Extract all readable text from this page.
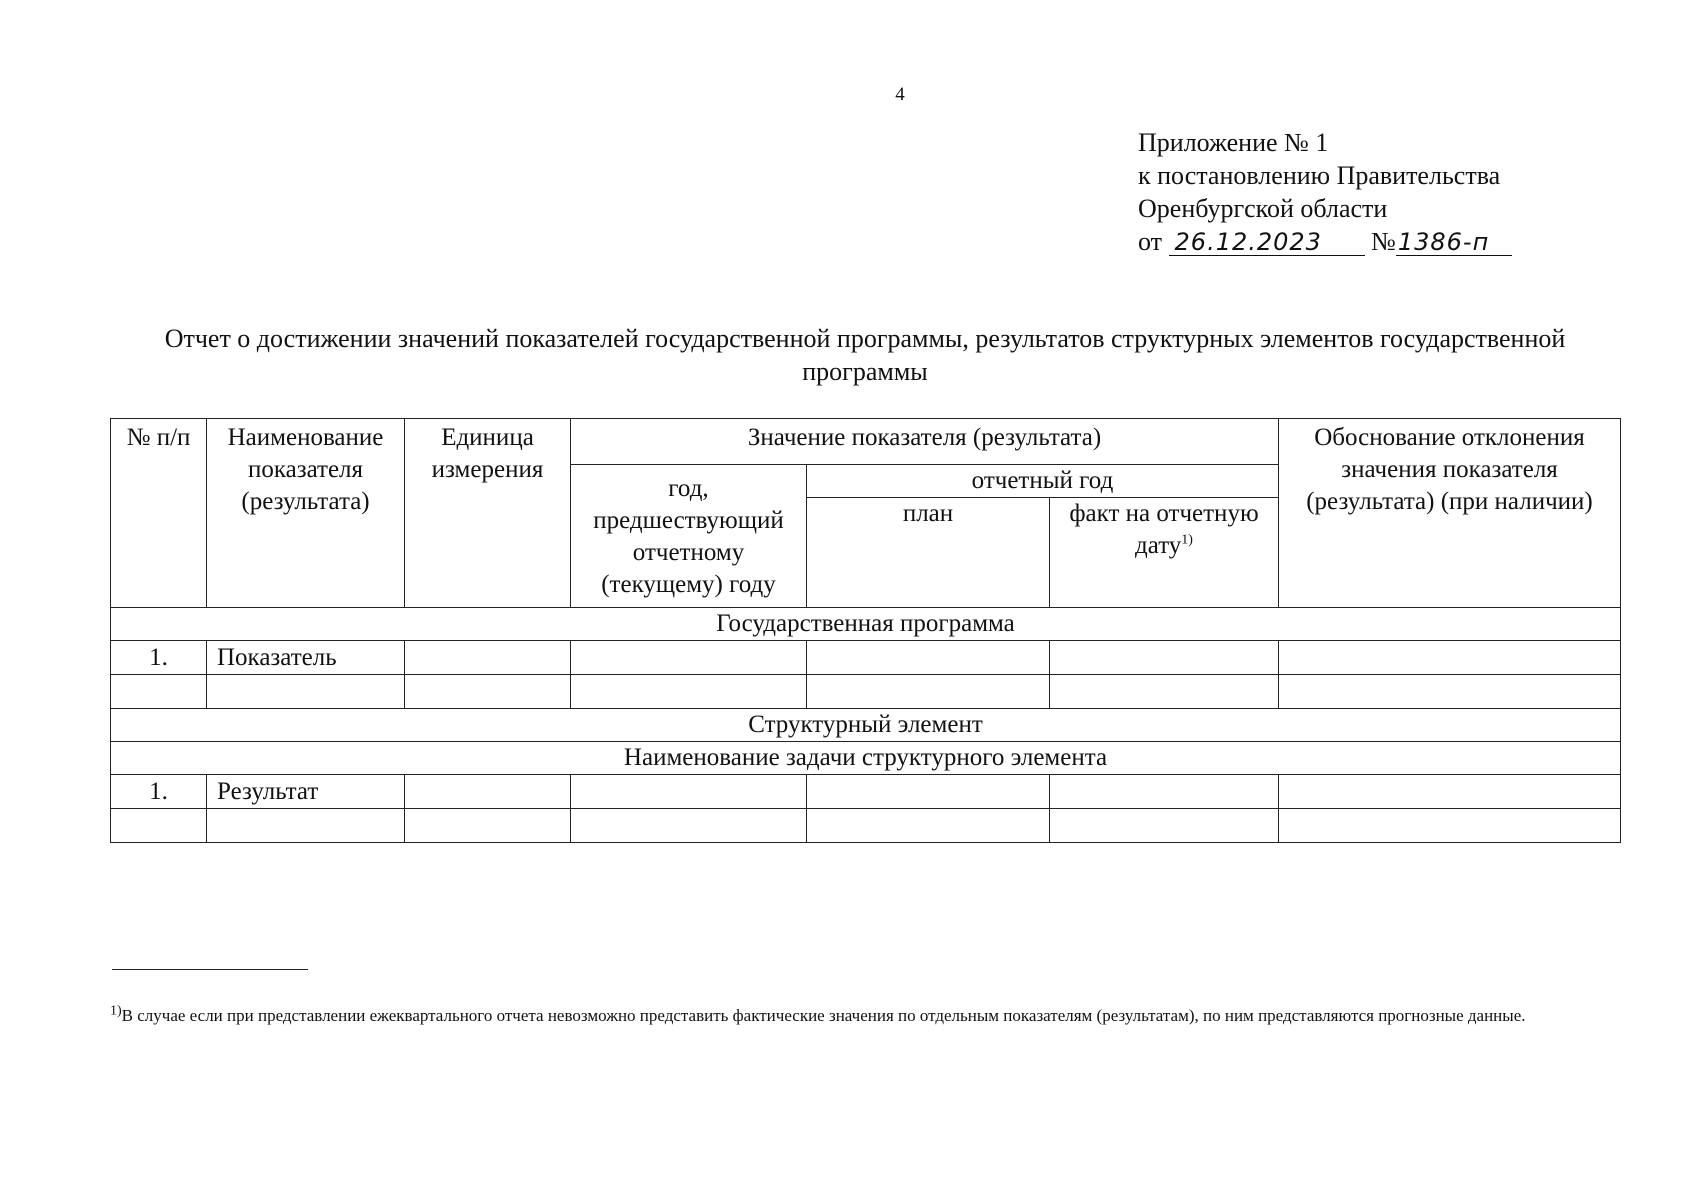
4
Приложение № 1
к постановлению Правительства
Оренбургской области
от 26.12.2023 №1386-п
Отчет о достижении значений показателей государственной программы, результатов структурных элементов государственной программы
№ п/п	Наименование показателя (результата)	Единица измерения	Значение показателя (результата)			Обоснование отклонения значения показателя (результата) (при наличии)
			год, предшествующий отчетному (текущему) году	отчетный год		
				план	факт на отчетную дату$^{1)}$
Государственная программа						
1.	Показатель					

Структурный элемент						
Наименование задачи структурного элемента						
1.	Результат					

$^{1)}$В случае если при представлении ежеквартального отчета невозможно представить фактические значения по отдельным показателям (результатам), по ним представляются прогнозные данные.
